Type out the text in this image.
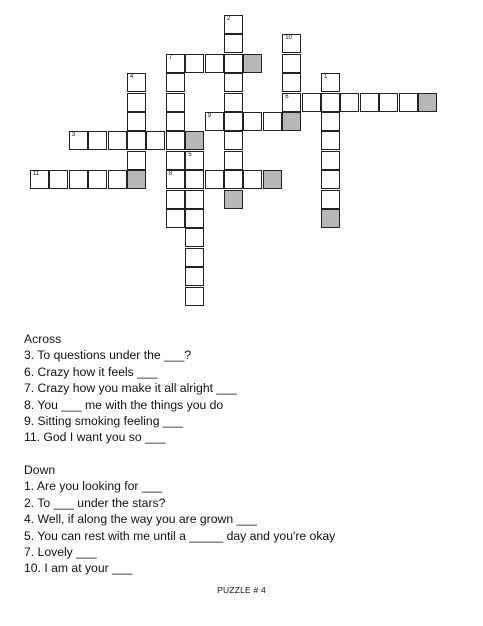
2
10
6
7
8
4	1
9
3
5
11
Across
3. To questions under the ___?
6. Crazy how it feels ___
7. Crazy how you make it all alright ___
8. You ___ me with the things you do
9. Sitting smoking feeling ___
11. God I want you so ___
Down
1. Are you looking for ___
2. To ___ under the stars?
4. Well, if along the way you are grown ___
5. You can rest with me until a _____ day and you're okay
7. Lovely ___
10. I am at your ___
PUZZLE # 4
